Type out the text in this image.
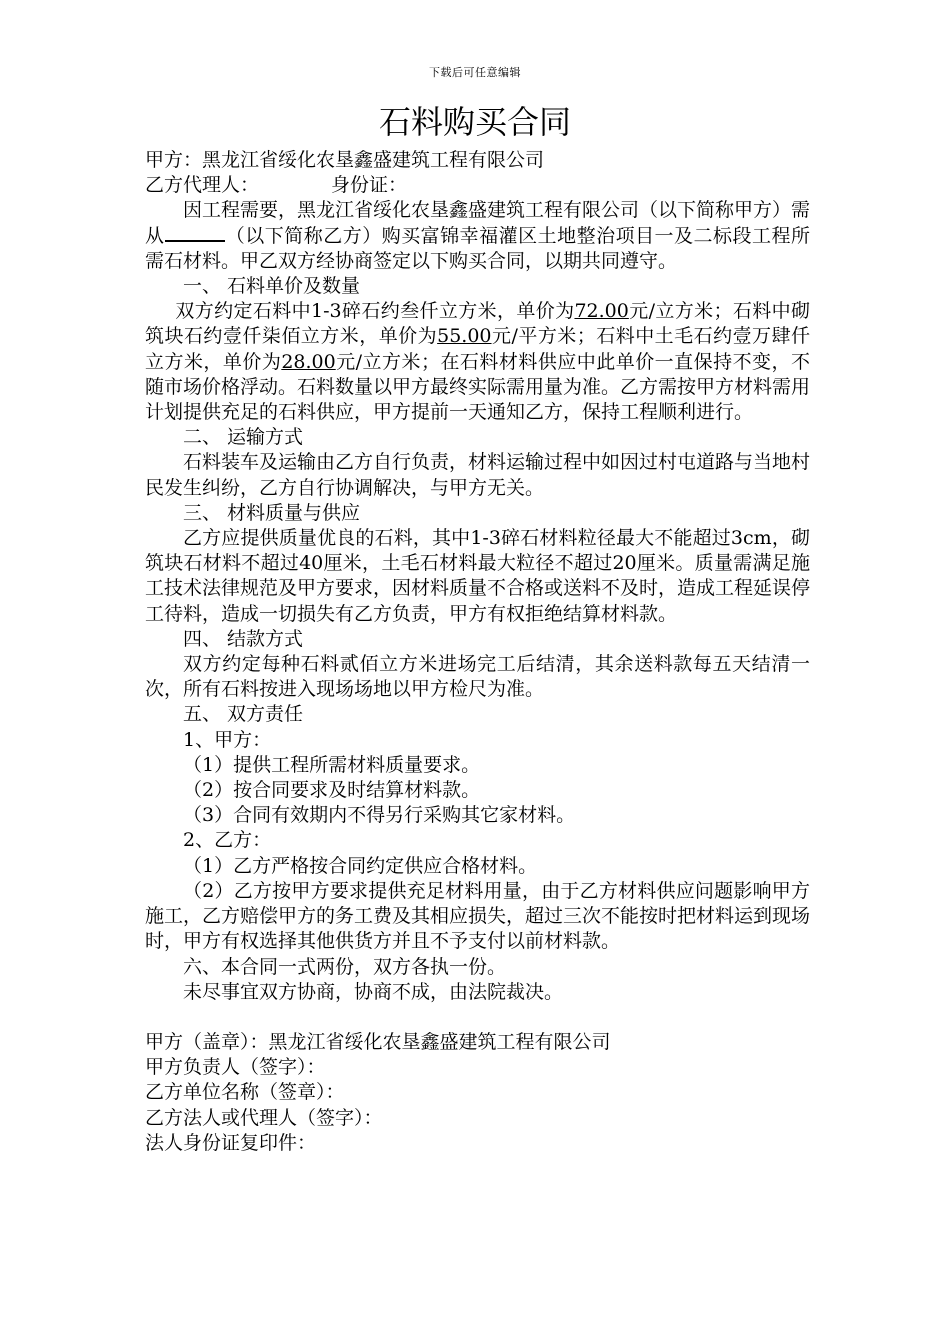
下载后可任意编辑
石料购买合同

甲方：黑龙江省绥化农垦鑫盛建筑工程有限公司

乙方代理人：	身份证：

因工程需要，黑龙江省绥化农垦鑫盛建筑工程有限公司（以下简称甲方）需从	（以下简称乙方）购买富锦幸福灌区土地整治项目一及二标段工程所需石材料。甲乙双方经协商签定以下购买合同，以期共同遵守。

一、 石料单价及数量

双方约定石料中1-3碎石约叁仟立方米，单价为72.00元/立方米；石料中砌筑块石约壹仟柒佰立方米，单价为55.00元/平方米；石料中土毛石约壹万肆仟立方米，单价为28.00元/立方米；在石料材料供应中此单价一直保持不变，不随市场价格浮动。石料数量以甲方最终实际需用量为准。乙方需按甲方材料需用计划提供充足的石料供应，甲方提前一天通知乙方，保持工程顺利进行。

二、 运输方式

石料装车及运输由乙方自行负责，材料运输过程中如因过村屯道路与当地村民发生纠纷，乙方自行协调解决，与甲方无关。

三、 材料质量与供应

乙方应提供质量优良的石料，其中1-3碎石材料粒径最大不能超过3cm，砌筑块石材料不超过40厘米，土毛石材料最大粒径不超过20厘米。质量需满足施工技术法律规范及甲方要求，因材料质量不合格或送料不及时，造成工程延误停工待料，造成一切损失有乙方负责，甲方有权拒绝结算材料款。

四、 结款方式

双方约定每种石料贰佰立方米进场完工后结清，其余送料款每五天结清一次，所有石料按进入现场场地以甲方检尺为准。

五、 双方责任

1、甲方：

（1）提供工程所需材料质量要求。

（2）按合同要求及时结算材料款。

（3）合同有效期内不得另行采购其它家材料。

2、乙方：

（1）乙方严格按合同约定供应合格材料。

（2）乙方按甲方要求提供充足材料用量，由于乙方材料供应问题影响甲方施工，乙方赔偿甲方的务工费及其相应损失，超过三次不能按时把材料运到现场时，甲方有权选择其他供货方并且不予支付以前材料款。

六、本合同一式两份，双方各执一份。

未尽事宜双方协商，协商不成，由法院裁决。

甲方（盖章）：黑龙江省绥化农垦鑫盛建筑工程有限公司

甲方负责人（签字）：

乙方单位名称（签章）：

乙方法人或代理人（签字）：

法人身份证复印件：
